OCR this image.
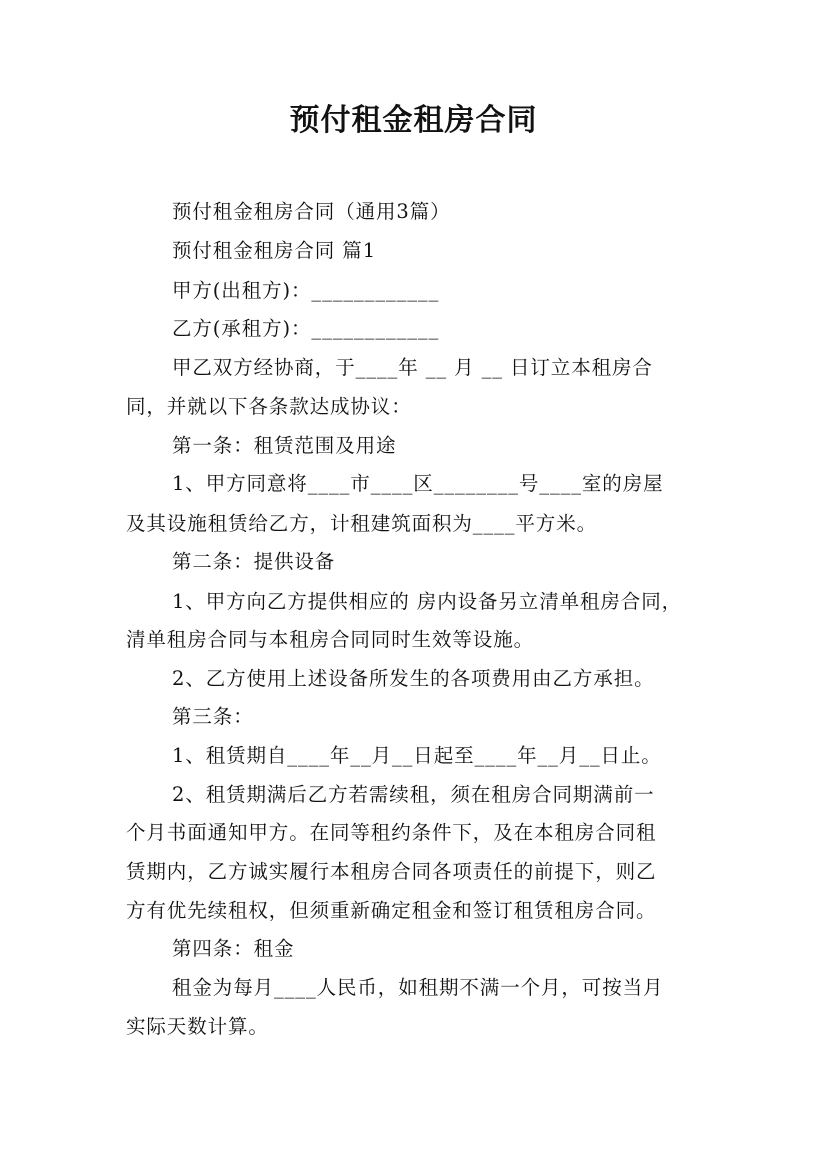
预付租金租房合同
预付租金租房合同（通用3篇）
预付租金租房合同 篇1
甲方(出租方)：____________
乙方(承租方)：____________
甲乙双方经协商，于____年 __ 月 __ 日订立本租房合
同，并就以下各条款达成协议：
第一条：租赁范围及用途
1、甲方同意将____市____区________号____室的房屋
及其设施租赁给乙方，计租建筑面积为____平方米。
第二条：提供设备
1、甲方向乙方提供相应的 房内设备另立清单租房合同，
清单租房合同与本租房合同同时生效等设施。
2、乙方使用上述设备所发生的各项费用由乙方承担。
第三条：
1、租赁期自____年__月__日起至____年__月__日止。
2、租赁期满后乙方若需续租，须在租房合同期满前一
个月书面通知甲方。在同等租约条件下，及在本租房合同租
赁期内，乙方诚实履行本租房合同各项责任的前提下，则乙
方有优先续租权，但须重新确定租金和签订租赁租房合同。
第四条：租金
租金为每月____人民币，如租期不满一个月，可按当月
实际天数计算。
